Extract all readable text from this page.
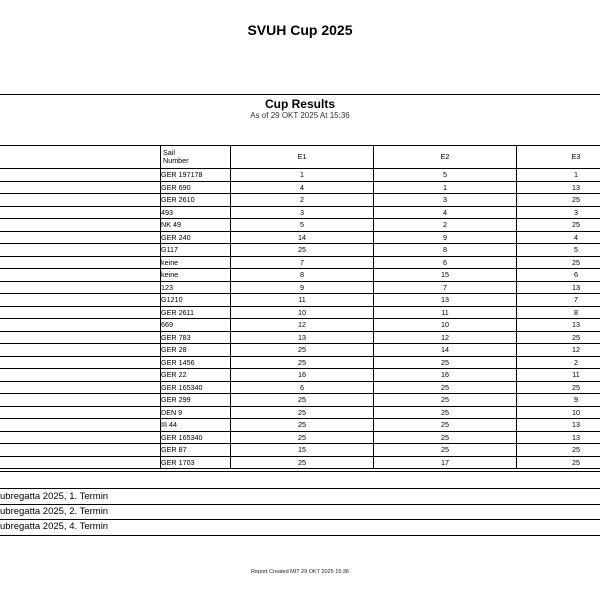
SVUH Cup 2025
Cup Results
As of 29 OKT 2025 At 15:36
	Sail
Number	E1	E2	E3
	GER 197178	1	5	1
	GER 690	4	1	13
	GER 2610	2	3	25
	493	3	4	3
	NK 49	5	2	25
	GER 240	14	9	4
	G117	25	8	5
	keine	7	6	25
	keine	8	15	6
	123	9	7	13
	G1210	11	13	7
	GER 2611	10	11	8
	669	12	10	13
	GER 783	13	12	25
	GER 28	25	14	12
	GER 1456	25	25	2
	GER 22	16	16	11
	GER 165340	6	25	25
	GER 299	25	25	9
	DEN 9	25	25	10
	III 44	25	25	13
	GER 165340	25	25	13
	GER 87	15	25	25
	GER 1703	25	17	25
ubregatta 2025, 1. Termin
ubregatta 2025, 2. Termin
ubregatta 2025, 4. Termin
Report Created MIT 29 OKT 2025 15:36
